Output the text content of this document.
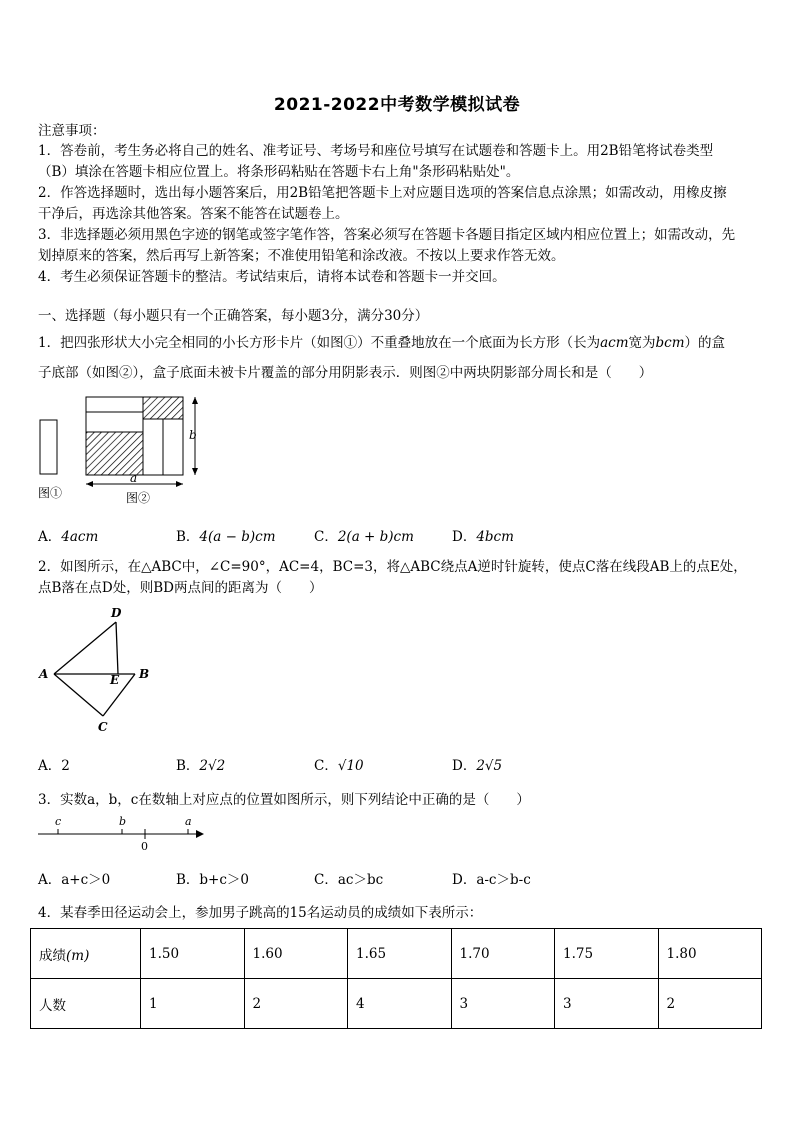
2021-2022中考数学模拟试卷
注意事项：
1．答卷前，考生务必将自己的姓名、准考证号、考场号和座位号填写在试题卷和答题卡上。用2B铅笔将试卷类型
（B）填涂在答题卡相应位置上。将条形码粘贴在答题卡右上角"条形码粘贴处"。
2．作答选择题时，选出每小题答案后，用2B铅笔把答题卡上对应题目选项的答案信息点涂黑；如需改动，用橡皮擦
干净后，再选涂其他答案。答案不能答在试题卷上。
3．非选择题必须用黑色字迹的钢笔或签字笔作答，答案必须写在答题卡各题目指定区域内相应位置上；如需改动，先
划掉原来的答案，然后再写上新答案；不准使用铅笔和涂改液。不按以上要求作答无效。
4．考生必须保证答题卡的整洁。考试结束后，请将本试卷和答题卡一并交回。
一、选择题（每小题只有一个正确答案，每小题3分，满分30分）
1．把四张形状大小完全相同的小长方形卡片（如图①）不重叠地放在一个底面为长方形（长为acm宽为bcm）的盒
子底部（如图②），盒子底面未被卡片覆盖的部分用阴影表示．则图②中两块阴影部分周长和是（　　）
图①
b
a
图②
A．4acm	B．4(a − b)cm	C．2(a + b)cm	D．4bcm
2．如图所示，在△ABC中，∠C=90°，AC=4，BC=3，将△ABC绕点A逆时针旋转，使点C落在线段AB上的点E处，
点B落在点D处，则BD两点间的距离为（　　）
D
A	E B
C
A．2	B．2√2	C．√10	D．2√5
3．实数a，b，c在数轴上对应点的位置如图所示，则下列结论中正确的是（　　）
c	b
0
a
A．a+c＞0	B．b+c＞0	C．ac＞bc	D．a-c＞b-c
4．某春季田径运动会上，参加男子跳高的15名运动员的成绩如下表所示：
成绩(m)	1.50	1.60	1.65	1.70	1.75	1.80
人数	1	2	4	3	3	2
